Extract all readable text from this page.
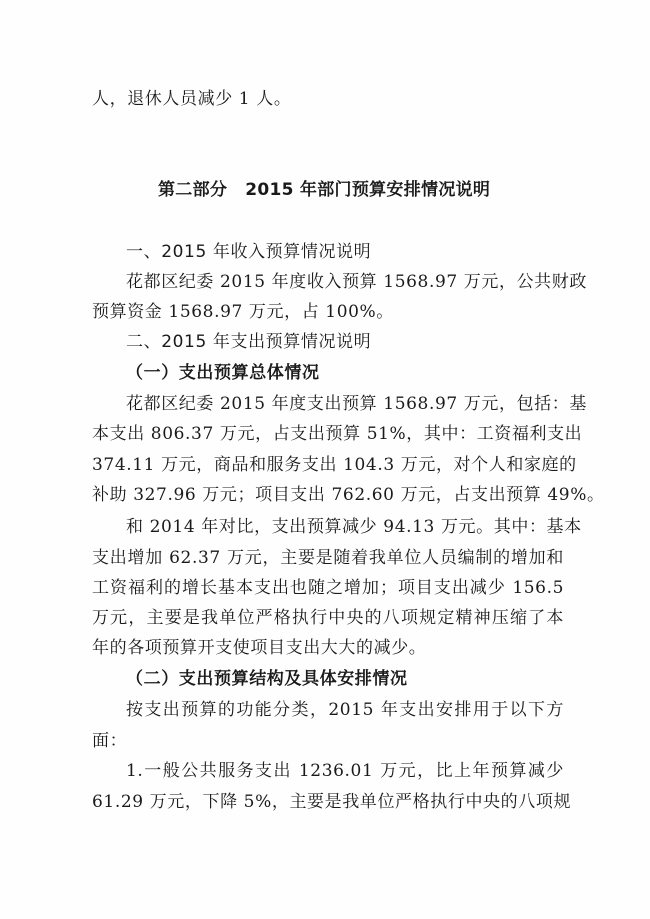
人，退休人员减少 1 人。
第二部分 2015 年部门预算安排情况说明
一、2015 年收入预算情况说明
花都区纪委 2015 年度收入预算 1568.97 万元，公共财政
预算资金 1568.97 万元，占 100%。
二、2015 年支出预算情况说明
（一）支出预算总体情况
花都区纪委 2015 年度支出预算 1568.97 万元，包括：基
本支出 806.37 万元，占支出预算 51%，其中：工资福利支出
374.11 万元，商品和服务支出 104.3 万元，对个人和家庭的
补助 327.96 万元；项目支出 762.60 万元，占支出预算 49%。
和 2014 年对比，支出预算减少 94.13 万元。其中：基本
支出增加 62.37 万元，主要是随着我单位人员编制的增加和
工资福利的增长基本支出也随之增加；项目支出减少 156.5
万元，主要是我单位严格执行中央的八项规定精神压缩了本
年的各项预算开支使项目支出大大的减少。
（二）支出预算结构及具体安排情况
按支出预算的功能分类，2015 年支出安排用于以下方
面：
1.一般公共服务支出 1236.01 万元，比上年预算减少
61.29 万元，下降 5%，主要是我单位严格执行中央的八项规
